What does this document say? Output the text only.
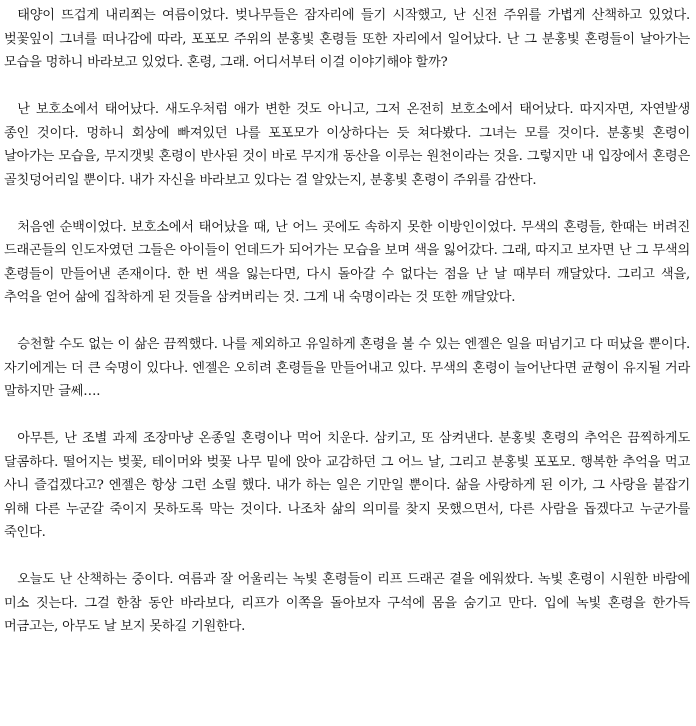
태양이 뜨겁게 내리쬐는 여름이었다. 벚나무들은 잠자리에 들기 시작했고, 난 신전 주위를 가볍게 산책하고 있었다. 벚꽃잎이 그녀를 떠나감에 따라, 포포모 주위의 분홍빛 혼령들 또한 자리에서 일어났다. 난 그 분홍빛 혼령들이 날아가는 모습을 멍하니 바라보고 있었다. 혼령, 그래. 어디서부터 이걸 이야기해야 할까?

난 보호소에서 태어났다. 새도우처럼 애가 변한 것도 아니고, 그저 온전히 보호소에서 태어났다. 따지자면, 자연발생 종인 것이다. 멍하니 회상에 빠져있던 나를 포포모가 이상하다는 듯 쳐다봤다. 그녀는 모를 것이다. 분홍빛 혼령이 날아가는 모습을, 무지갯빛 혼령이 반사된 것이 바로 무지개 동산을 이루는 원천이라는 것을. 그렇지만 내 입장에서 혼령은 골칫덩어리일 뿐이다. 내가 자신을 바라보고 있다는 걸 알았는지, 분홍빛 혼령이 주위를 감싼다.

처음엔 순백이었다. 보호소에서 태어났을 때, 난 어느 곳에도 속하지 못한 이방인이었다. 무색의 혼령들, 한때는 버려진 드래곤들의 인도자였던 그들은 아이들이 언데드가 되어가는 모습을 보며 색을 잃어갔다. 그래, 따지고 보자면 난 그 무색의 혼령들이 만들어낸 존재이다. 한 번 색을 잃는다면, 다시 돌아갈 수 없다는 점을 난 날 때부터 깨달았다. 그리고 색을, 추억을 얻어 삶에 집착하게 된 것들을 삼켜버리는 것. 그게 내 숙명이라는 것 또한 깨달았다.

승천할 수도 없는 이 삶은 끔찍했다. 나를 제외하고 유일하게 혼령을 볼 수 있는 엔젤은 일을 떠넘기고 다 떠났을 뿐이다. 자기에게는 더 큰 숙명이 있다나. 엔젤은 오히려 혼령들을 만들어내고 있다. 무색의 혼령이 늘어난다면 균형이 유지될 거라 말하지만 글쎄….

아무튼, 난 조별 과제 조장마냥 온종일 혼령이나 먹어 치운다. 삼키고, 또 삼켜낸다. 분홍빛 혼령의 추억은 끔찍하게도 달콤하다. 떨어지는 벚꽃, 테이머와 벚꽃 나무 밑에 앉아 교감하던 그 어느 날, 그리고 분홍빛 포포모. 행복한 추억을 먹고 사니 즐겁겠다고? 엔젤은 항상 그런 소릴 했다. 내가 하는 일은 기만일 뿐이다. 삶을 사랑하게 된 이가, 그 사랑을 붙잡기 위해 다른 누군갈 죽이지 못하도록 막는 것이다. 나조차 삶의 의미를 찾지 못했으면서, 다른 사람을 돕겠다고 누군가를 죽인다.

오늘도 난 산책하는 중이다. 여름과 잘 어울리는 녹빛 혼령들이 리프 드래곤 곁을 에워쌌다. 녹빛 혼령이 시원한 바람에 미소 짓는다. 그걸 한참 동안 바라보다, 리프가 이쪽을 돌아보자 구석에 몸을 숨기고 만다. 입에 녹빛 혼령을 한가득 머금고는, 아무도 날 보지 못하길 기원한다.
